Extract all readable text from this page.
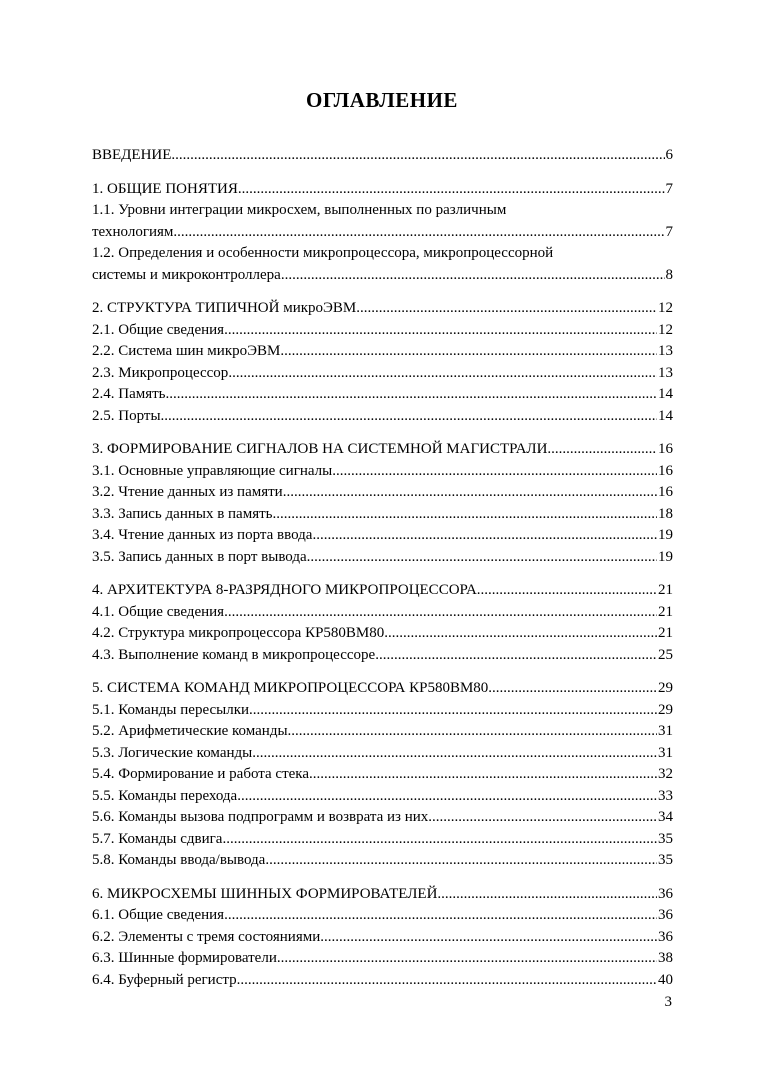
ОГЛАВЛЕНИЕ
ВВЕДЕНИЕ .....	6
1. ОБЩИЕ ПОНЯТИЯ .....	7
1.1. Уровни интеграции микросхем, выполненных по различным
технологиям .....	7
1.2. Определения и особенности микропроцессора, микропроцессорной
системы и микроконтроллера .....	8
2. СТРУКТУРА ТИПИЧНОЙ микроЭВМ .....	12
2.1. Общие сведения .....	12
2.2. Система шин микроЭВМ .....	13
2.3. Микропроцессор .....	13
2.4. Память .....	14
2.5. Порты .....	14
3. ФОРМИРОВАНИЕ СИГНАЛОВ НА СИСТЕМНОЙ МАГИСТРАЛИ .....	16
3.1. Основные управляющие сигналы .....	16
3.2. Чтение данных из памяти .....	16
3.3. Запись данных в память .....	18
3.4. Чтение данных из порта ввода .....	19
3.5. Запись данных в порт вывода .....	19
4. АРХИТЕКТУРА 8-РАЗРЯДНОГО МИКРОПРОЦЕССОРА .....	21
4.1. Общие сведения .....	21
4.2. Структура микропроцессора КР580ВМ80 .....	21
4.3. Выполнение команд в микропроцессоре .....	25
5. СИСТЕМА КОМАНД МИКРОПРОЦЕССОРА КР580ВМ80 .....	29
5.1. Команды пересылки .....	29
5.2. Арифметические команды .....	31
5.3. Логические команды .....	31
5.4. Формирование и работа стека .....	32
5.5. Команды перехода .....	33
5.6. Команды вызова подпрограмм и возврата из них .....	34
5.7. Команды сдвига .....	35
5.8. Команды ввода/вывода .....	35
6. МИКРОСХЕМЫ ШИННЫХ ФОРМИРОВАТЕЛЕЙ .....	36
6.1. Общие сведения .....	36
6.2. Элементы с тремя состояниями .....	36
6.3. Шинные формирователи .....	38
6.4. Буферный регистр .....	40
3
